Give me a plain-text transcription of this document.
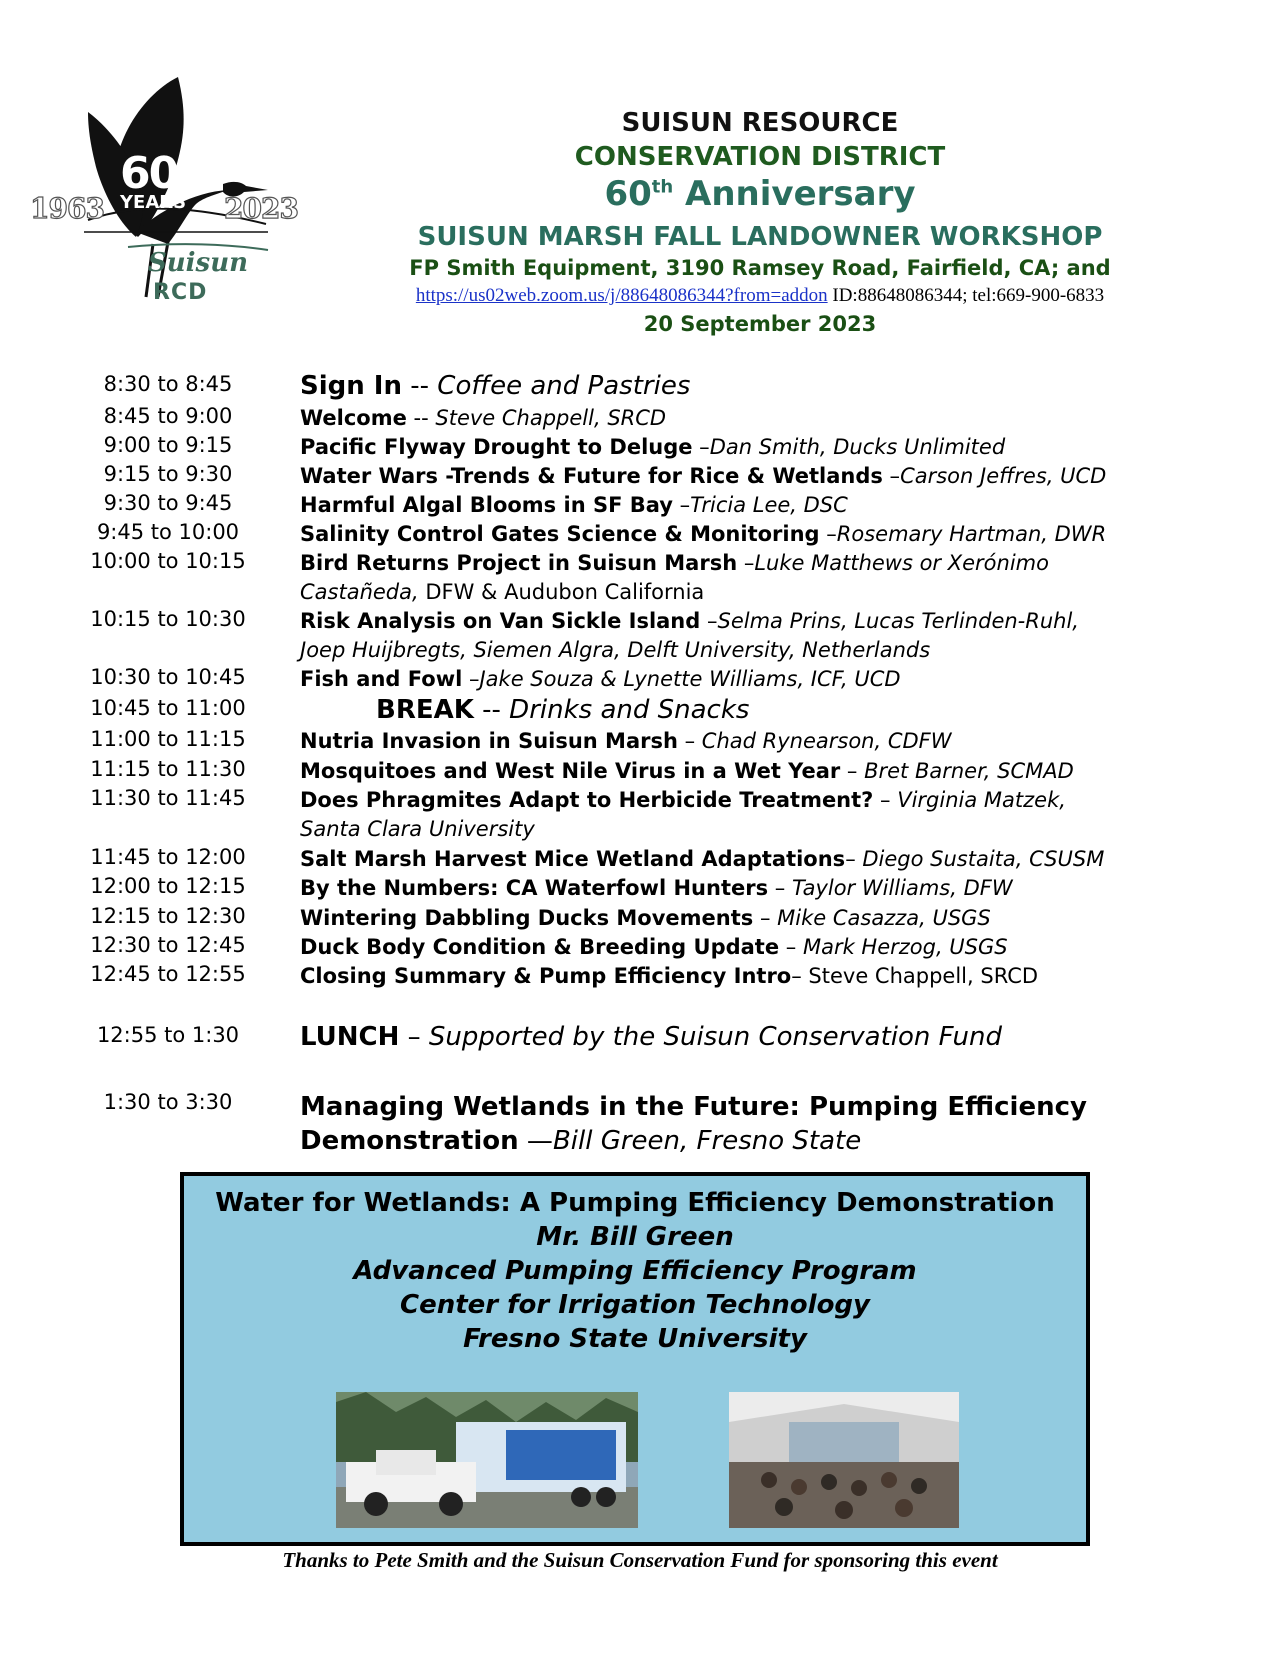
1963	2023
60
YEARS
Suisun
RCD
SUISUN RESOURCE
CONSERVATION DISTRICT
60th Anniversary
SUISUN MARSH FALL LANDOWNER WORKSHOP
FP Smith Equipment, 3190 Ramsey Road, Fairfield, CA; and
https://us02web.zoom.us/j/88648086344?from=addon ID:88648086344; tel:669-900-6833
20 September 2023
8:30 to 8:45	Sign In -- Coffee and Pastries
8:45 to 9:00	Welcome -- Steve Chappell, SRCD
9:00 to 9:15	Pacific Flyway Drought to Deluge –Dan Smith, Ducks Unlimited
9:15 to 9:30	Water Wars -Trends & Future for Rice & Wetlands –Carson Jeffres, UCD
9:30 to 9:45	Harmful Algal Blooms in SF Bay –Tricia Lee, DSC
9:45 to 10:00	Salinity Control Gates Science & Monitoring –Rosemary Hartman, DWR
10:00 to 10:15	Bird Returns Project in Suisun Marsh –Luke Matthews or Xerónimo
Castañeda, DFW & Audubon California
10:15 to 10:30	Risk Analysis on Van Sickle Island –Selma Prins, Lucas Terlinden-Ruhl,
Joep Huijbregts, Siemen Algra, Delft University, Netherlands
10:30 to 10:45	Fish and Fowl –Jake Souza & Lynette Williams, ICF, UCD
10:45 to 11:00	BREAK -- Drinks and Snacks
11:00 to 11:15	Nutria Invasion in Suisun Marsh – Chad Rynearson, CDFW
11:15 to 11:30	Mosquitoes and West Nile Virus in a Wet Year – Bret Barner, SCMAD
11:30 to 11:45	Does Phragmites Adapt to Herbicide Treatment? – Virginia Matzek,
Santa Clara University
11:45 to 12:00	Salt Marsh Harvest Mice Wetland Adaptations– Diego Sustaita, CSUSM
12:00 to 12:15	By the Numbers: CA Waterfowl Hunters – Taylor Williams, DFW
12:15 to 12:30	Wintering Dabbling Ducks Movements – Mike Casazza, USGS
12:30 to 12:45	Duck Body Condition & Breeding Update – Mark Herzog, USGS
12:45 to 12:55	Closing Summary & Pump Efficiency Intro– Steve Chappell, SRCD
12:55 to 1:30	LUNCH – Supported by the Suisun Conservation Fund
1:30 to 3:30	Managing Wetlands in the Future: Pumping Efficiency
Demonstration —Bill Green, Fresno State
Water for Wetlands: A Pumping Efficiency Demonstration
Mr. Bill Green
Advanced Pumping Efficiency Program
Center for Irrigation Technology
Fresno State University
Thanks to Pete Smith and the Suisun Conservation Fund for sponsoring this event
